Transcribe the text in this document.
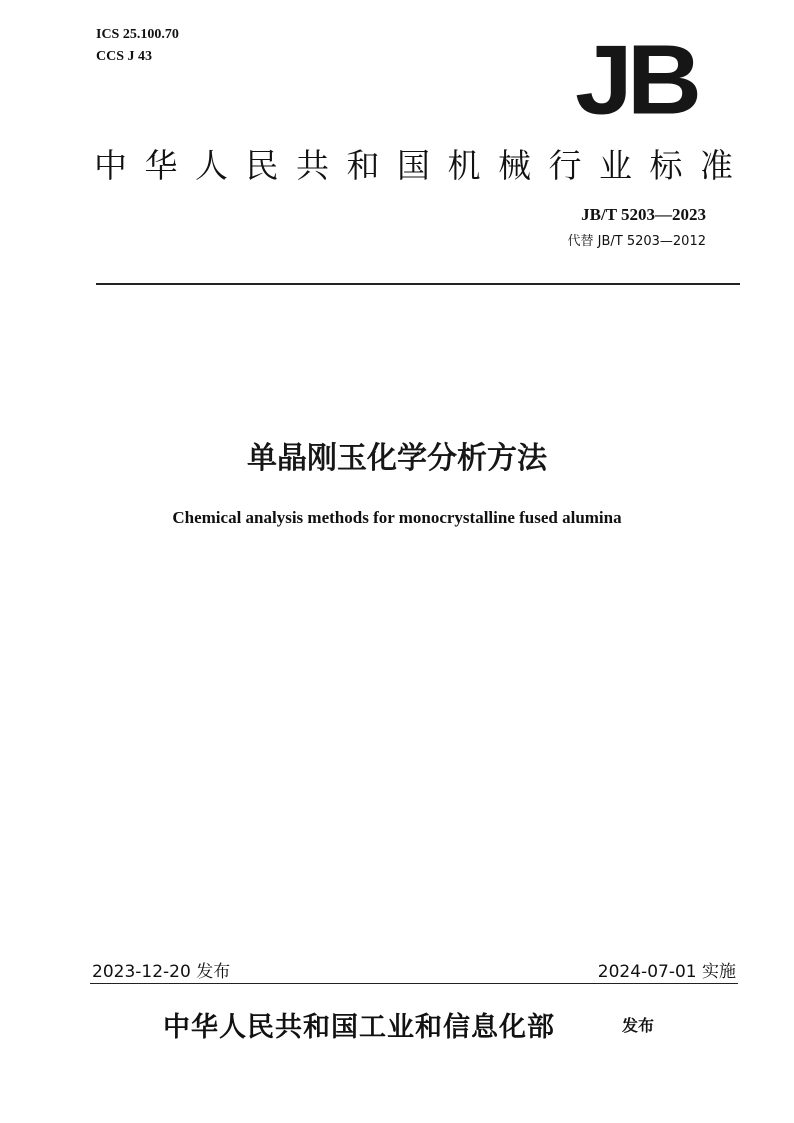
ICS 25.100.70
CCS J 43	JB
中华人民共和国机械行业标准
JB/T 5203—2023
代替 JB/T 5203—2012
单晶刚玉化学分析方法
Chemical analysis methods for monocrystalline fused alumina
2023-12-20 发布	2024-07-01 实施
中华人民共和国工业和信息化部	发布
